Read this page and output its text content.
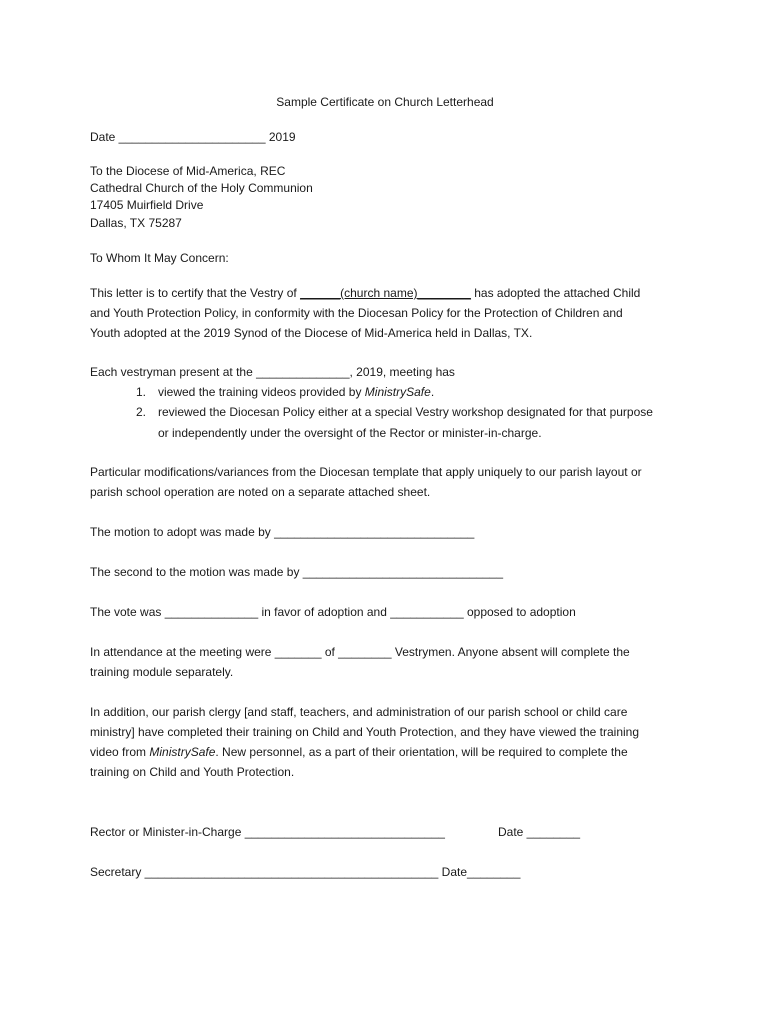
Sample Certificate on Church Letterhead
Date ______________________ 2019
To the Diocese of Mid-America, REC
Cathedral Church of the Holy Communion
17405 Muirfield Drive
Dallas, TX 75287
To Whom It May Concern:
This letter is to certify that the Vestry of ______(church name)________ has adopted the attached Child
and Youth Protection Policy, in conformity with the Diocesan Policy for the Protection of Children and
Youth adopted at the 2019 Synod of the Diocese of Mid-America held in Dallas, TX.
Each vestryman present at the ______________, 2019, meeting has
1. viewed the training videos provided by MinistrySafe.
2. reviewed the Diocesan Policy either at a special Vestry workshop designated for that purpose
or independently under the oversight of the Rector or minister-in-charge.
Particular modifications/variances from the Diocesan template that apply uniquely to our parish layout or
parish school operation are noted on a separate attached sheet.
The motion to adopt was made by ______________________________
The second to the motion was made by ______________________________
The vote was ______________ in favor of adoption and ___________ opposed to adoption
In attendance at the meeting were _______ of ________ Vestrymen. Anyone absent will complete the
training module separately.
In addition, our parish clergy [and staff, teachers, and administration of our parish school or child care
ministry] have completed their training on Child and Youth Protection, and they have viewed the training
video from MinistrySafe. New personnel, as a part of their orientation, will be required to complete the
training on Child and Youth Protection.
Rector or Minister-in-Charge ______________________________	Date ________
Secretary ____________________________________________ Date________
